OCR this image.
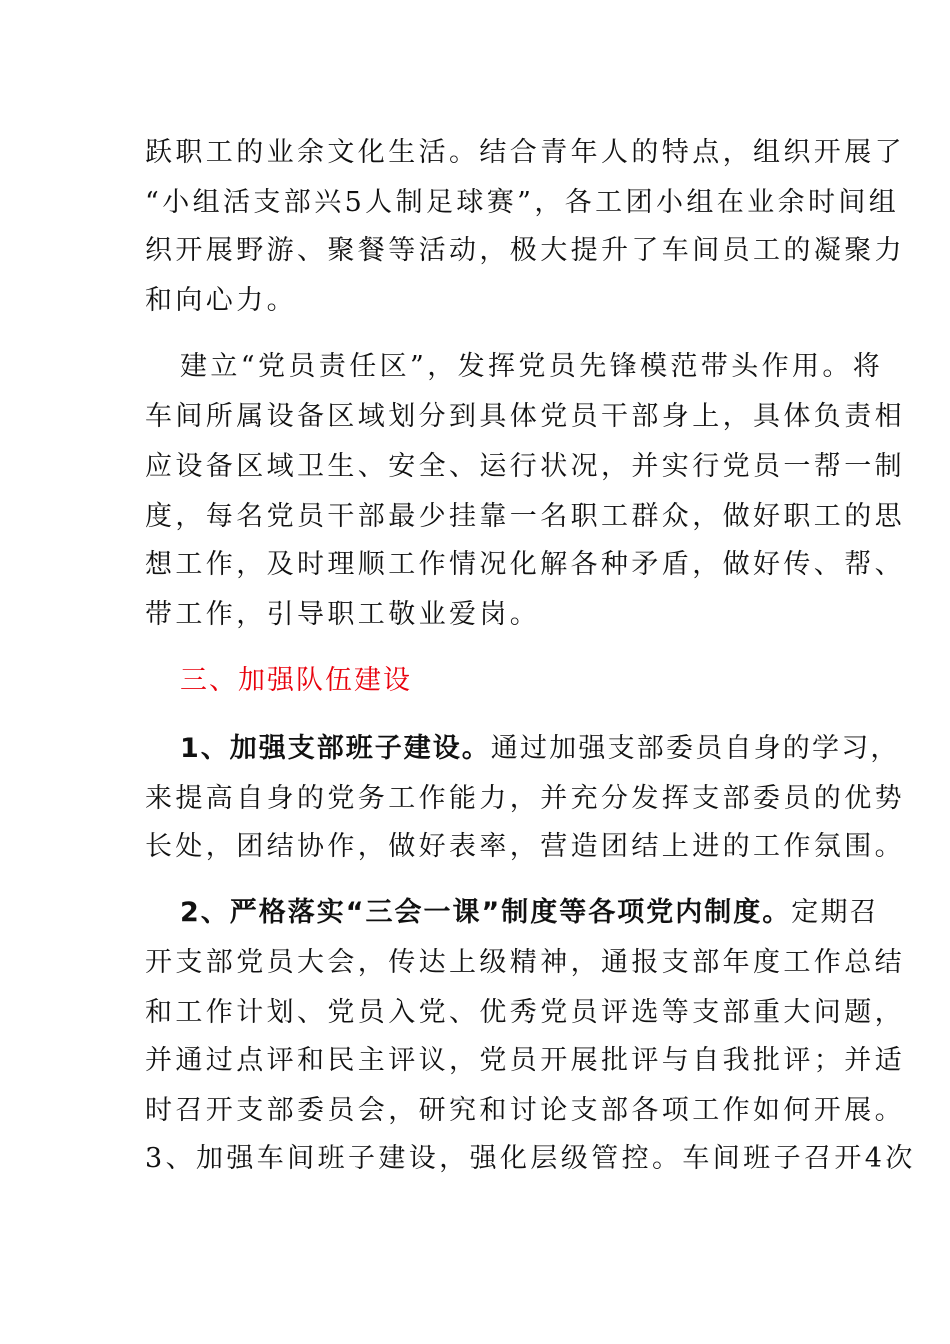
跃职工的业余文化生活。结合青年人的特点，组织开展了
“小组活支部兴5人制足球赛”，各工团小组在业余时间组
织开展野游、聚餐等活动，极大提升了车间员工的凝聚力
和向心力。
建立“党员责任区”，发挥党员先锋模范带头作用。将
车间所属设备区域划分到具体党员干部身上，具体负责相
应设备区域卫生、安全、运行状况，并实行党员一帮一制
度，每名党员干部最少挂靠一名职工群众，做好职工的思
想工作，及时理顺工作情况化解各种矛盾，做好传、帮、
带工作，引导职工敬业爱岗。
三、加强队伍建设
1、加强支部班子建设。通过加强支部委员自身的学习，
来提高自身的党务工作能力，并充分发挥支部委员的优势
长处，团结协作，做好表率，营造团结上进的工作氛围。
2、严格落实“三会一课”制度等各项党内制度。定期召
开支部党员大会，传达上级精神，通报支部年度工作总结
和工作计划、党员入党、优秀党员评选等支部重大问题，
并通过点评和民主评议，党员开展批评与自我批评；并适
时召开支部委员会，研究和讨论支部各项工作如何开展。
3、加强车间班子建设，强化层级管控。车间班子召开4次
